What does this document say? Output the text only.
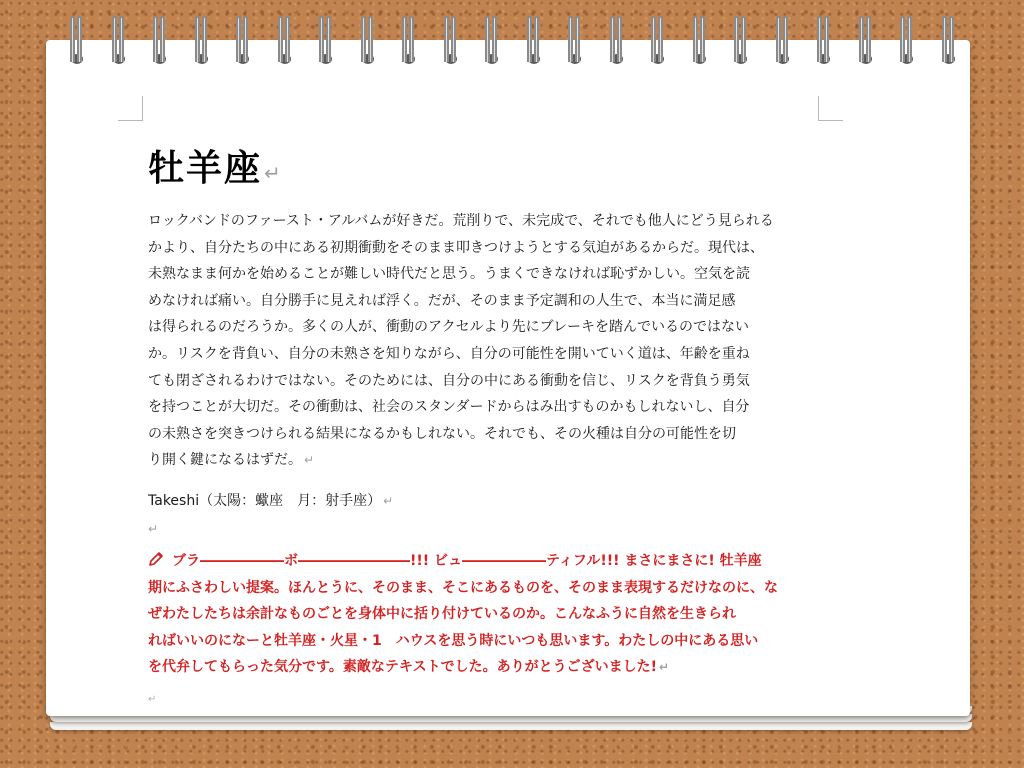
牡羊座 ↵
ロックバンドのファースト・アルバムが好きだ。荒削りで、未完成で、それでも他人にどう見られる
かより、自分たちの中にある初期衝動をそのまま叩きつけようとする気迫があるからだ。現代は、
未熟なまま何かを始めることが難しい時代だと思う。うまくできなければ恥ずかしい。空気を読
めなければ痛い。自分勝手に見えれば浮く。だが、そのまま予定調和の人生で、本当に満足感
は得られるのだろうか。多くの人が、衝動のアクセルより先にブレーキを踏んでいるのではない
か。リスクを背負い、自分の未熟さを知りながら、自分の可能性を開いていく道は、年齢を重ね
ても閉ざされるわけではない。そのためには、自分の中にある衝動を信じ、リスクを背負う勇気
を持つことが大切だ。その衝動は、社会のスタンダードからはみ出すものかもしれないし、自分
の未熟さを突きつけられる結果になるかもしれない。それでも、その火種は自分の可能性を切
り開く鍵になるはずだ。 ↵
Takeshi（太陽：蠍座　月：射手座） ↵
↵
ブラ――――――ボ――――――――!!! ビュ――――――ティフル!!! まさにまさに! 牡羊座
期にふさわしい提案。ほんとうに、そのまま、そこにあるものを、そのまま表現するだけなのに、な
ぜわたしたちは余計なものごとを身体中に括り付けているのか。こんなふうに自然を生きられ
ればいいのになーと牡羊座・火星・1　ハウスを思う時にいつも思います。わたしの中にある思い
を代弁してもらった気分です。素敵なテキストでした。ありがとうございました! ↵
↵
